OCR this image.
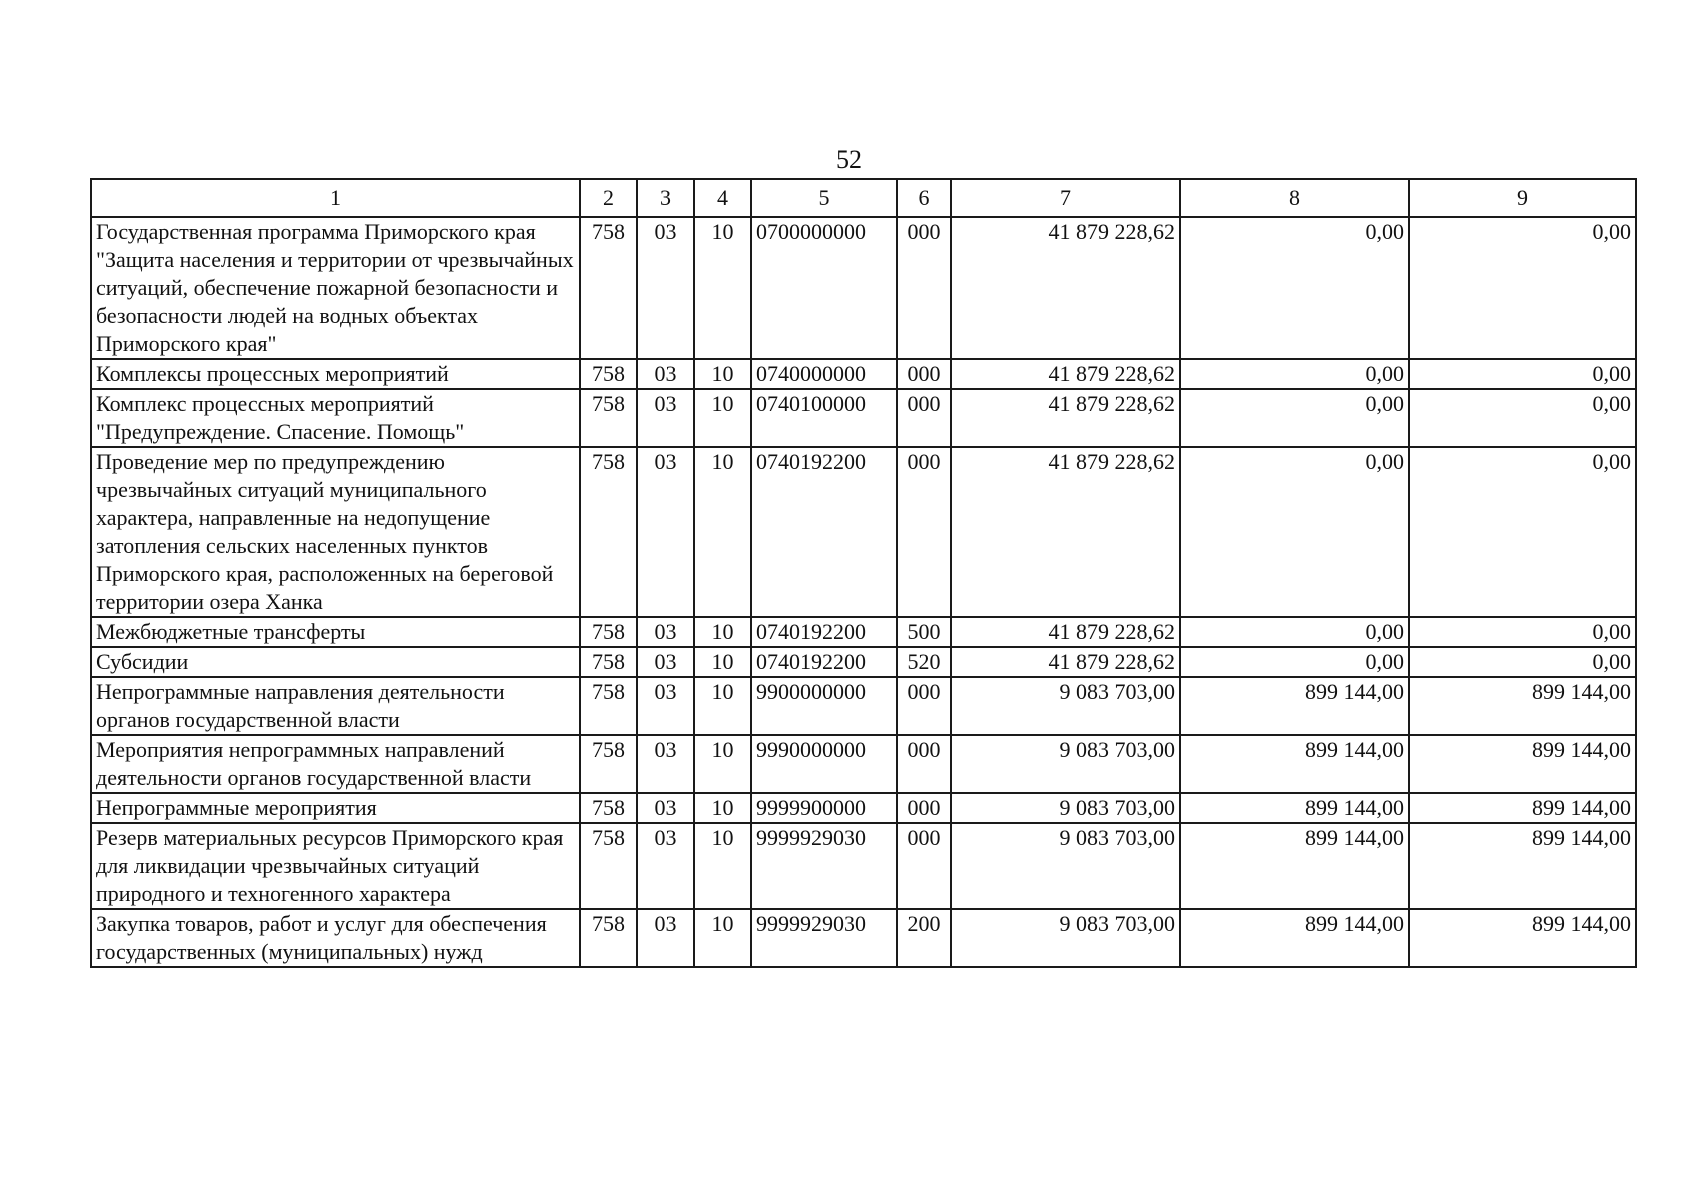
52
1	2	3	4	5	6	7	8	9
Государственная программа Приморского края "Защита населения и территории от чрезвычайных ситуаций, обеспечение пожарной безопасности и безопасности людей на водных объектах Приморского края"	758	03	10	0700000000	000	41 879 228,62	0,00	0,00
Комплексы процессных мероприятий	758	03	10	0740000000	000	41 879 228,62	0,00	0,00
Комплекс процессных мероприятий "Предупреждение. Спасение. Помощь"	758	03	10	0740100000	000	41 879 228,62	0,00	0,00
Проведение мер по предупреждению чрезвычайных ситуаций муниципального характера, направленные на недопущение затопления сельских населенных пунктов Приморского края, расположенных на береговой территории озера Ханка	758	03	10	0740192200	000	41 879 228,62	0,00	0,00
Межбюджетные трансферты	758	03	10	0740192200	500	41 879 228,62	0,00	0,00
Субсидии	758	03	10	0740192200	520	41 879 228,62	0,00	0,00
Непрограммные направления деятельности органов государственной власти	758	03	10	9900000000	000	9 083 703,00	899 144,00	899 144,00
Мероприятия непрограммных направлений деятельности органов государственной власти	758	03	10	9990000000	000	9 083 703,00	899 144,00	899 144,00
Непрограммные мероприятия	758	03	10	9999900000	000	9 083 703,00	899 144,00	899 144,00
Резерв материальных ресурсов Приморского края для ликвидации чрезвычайных ситуаций природного и техногенного характера	758	03	10	9999929030	000	9 083 703,00	899 144,00	899 144,00
Закупка товаров, работ и услуг для обеспечения государственных (муниципальных) нужд	758	03	10	9999929030	200	9 083 703,00	899 144,00	899 144,00
